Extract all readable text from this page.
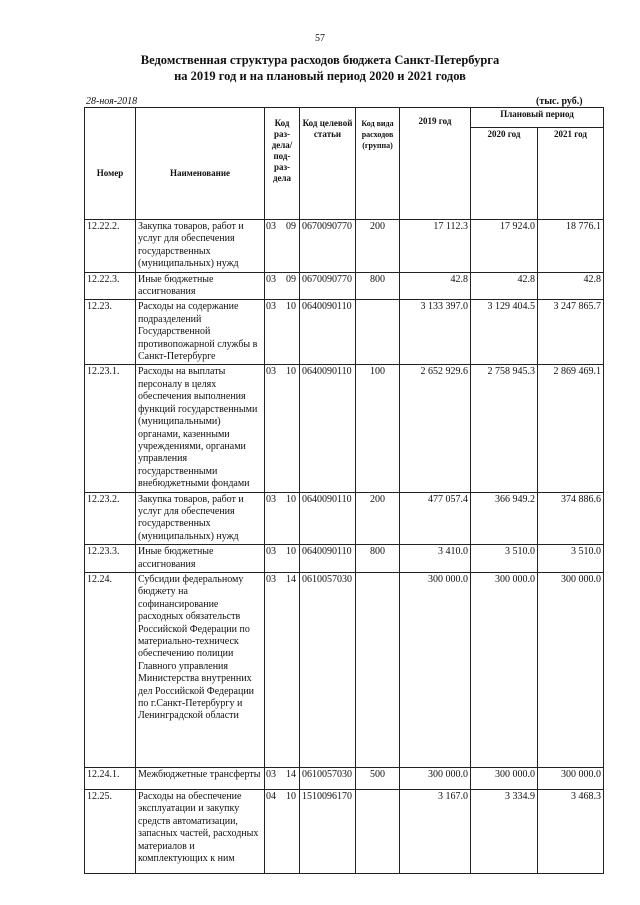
57
Ведомственная структура расходов бюджета Санкт-Петербурга
на 2019 год и на плановый период 2020 и 2021 годов
28-ноя-2018	(тыс. руб.)
Номер	Наименование	Код раз- дела/ под- раз- дела	Код целевой статьи	Код вида расходов (группа)	2019 год	Плановый период	
						2020 год	2021 год
12.22.2.	Закупка товаров, работ и услуг для обеспечения государственных (муниципальных) нужд	03 09	0670090770	200	17 112.3	17 924.0	18 776.1
12.22.3.	Иные бюджетные ассигнования	03 09	0670090770	800	42.8	42.8	42.8
12.23.	Расходы на содержание подразделений Государственной противопожарной службы в Санкт-Петербурге	03 10	0640090110		3 133 397.0	3 129 404.5	3 247 865.7
12.23.1.	Расходы на выплаты персоналу в целях обеспечения выполнения функций государственными (муниципальными) органами, казенными учреждениями, органами управления государственными внебюджетными фондами	03 10	0640090110	100	2 652 929.6	2 758 945.3	2 869 469.1
12.23.2.	Закупка товаров, работ и услуг для обеспечения государственных (муниципальных) нужд	03 10	0640090110	200	477 057.4	366 949.2	374 886.6
12.23.3.	Иные бюджетные ассигнования	03 10	0640090110	800	3 410.0	3 510.0	3 510.0
12.24.	Субсидии федеральному бюджету на софинансирование расходных обязательств Российской Федерации по материально-техническ обеспечению полиции Главного управления Министерства внутренних дел Российской Федерации по г.Санкт-Петербургу и Ленинградской области	03 14	0610057030		300 000.0	300 000.0	300 000.0
12.24.1.	Межбюджетные трансферты	03 14	0610057030	500	300 000.0	300 000.0	300 000.0
12.25.	Расходы на обеспечение эксплуатации и закупку средств автоматизации, запасных частей, расходных материалов и комплектующих к ним	04 10	1510096170		3 167.0	3 334.9	3 468.3
